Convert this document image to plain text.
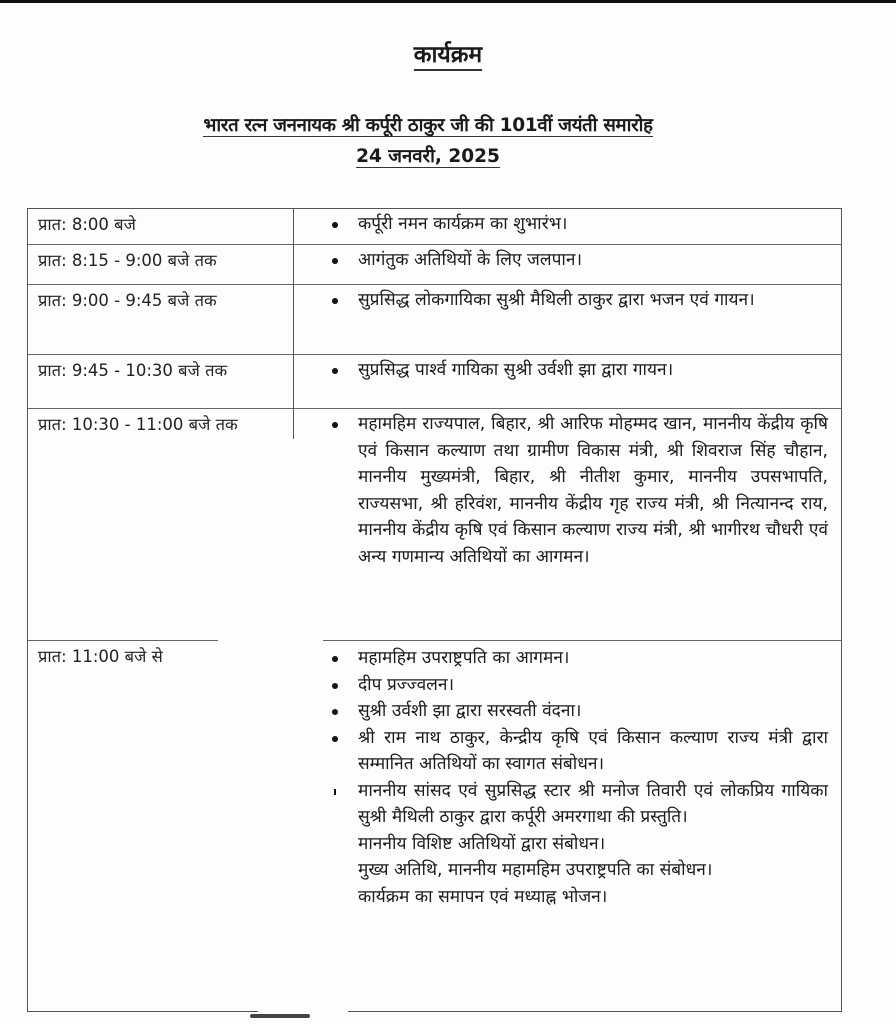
कार्यक्रम
भारत रत्न जननायक श्री कर्पूरी ठाकुर जी की 101वीं जयंती समारोह
24 जनवरी, 2025
प्रात: 8:00 बजे	कर्पूरी नमन कार्यक्रम का शुभारंभ।
प्रात: 8:15 - 9:00 बजे तक	आगंतुक अतिथियों के लिए जलपान।
प्रात: 9:00 - 9:45 बजे तक	सुप्रसिद्ध लोकगायिका सुश्री मैथिली ठाकुर द्वारा भजन एवं गायन।
प्रात: 9:45 - 10:30 बजे तक	सुप्रसिद्ध पार्श्व गायिका सुश्री उर्वशी झा द्वारा गायन।
प्रात: 10:30 - 11:00 बजे तक	महामहिम राज्यपाल, बिहार, श्री आरिफ मोहम्मद खान, माननीय केंद्रीय कृषि एवं किसान कल्याण तथा ग्रामीण विकास मंत्री, श्री शिवराज सिंह चौहान, माननीय मुख्यमंत्री, बिहार, श्री नीतीश कुमार, माननीय उपसभापति, राज्यसभा, श्री हरिवंश, माननीय केंद्रीय गृह राज्य मंत्री, श्री नित्यानन्द राय, माननीय केंद्रीय कृषि एवं किसान कल्याण राज्य मंत्री, श्री भागीरथ चौधरी एवं अन्य गणमान्य अतिथियों का आगमन।
प्रात: 11:00 बजे से	महामहिम उपराष्ट्रपति का आगमन।
दीप प्रज्ज्वलन।
सुश्री उर्वशी झा द्वारा सरस्वती वंदना।
श्री राम नाथ ठाकुर, केन्द्रीय कृषि एवं किसान कल्याण राज्य मंत्री द्वारा सम्मानित अतिथियों का स्वागत संबोधन।
माननीय सांसद एवं सुप्रसिद्ध स्टार श्री मनोज तिवारी एवं लोकप्रिय गायिका सुश्री मैथिली ठाकुर द्वारा कर्पूरी अमरगाथा की प्रस्तुति।
माननीय विशिष्ट अतिथियों द्वारा संबोधन।
मुख्य अतिथि, माननीय महामहिम उपराष्ट्रपति का संबोधन।
कार्यक्रम का समापन एवं मध्याह्न भोजन।
